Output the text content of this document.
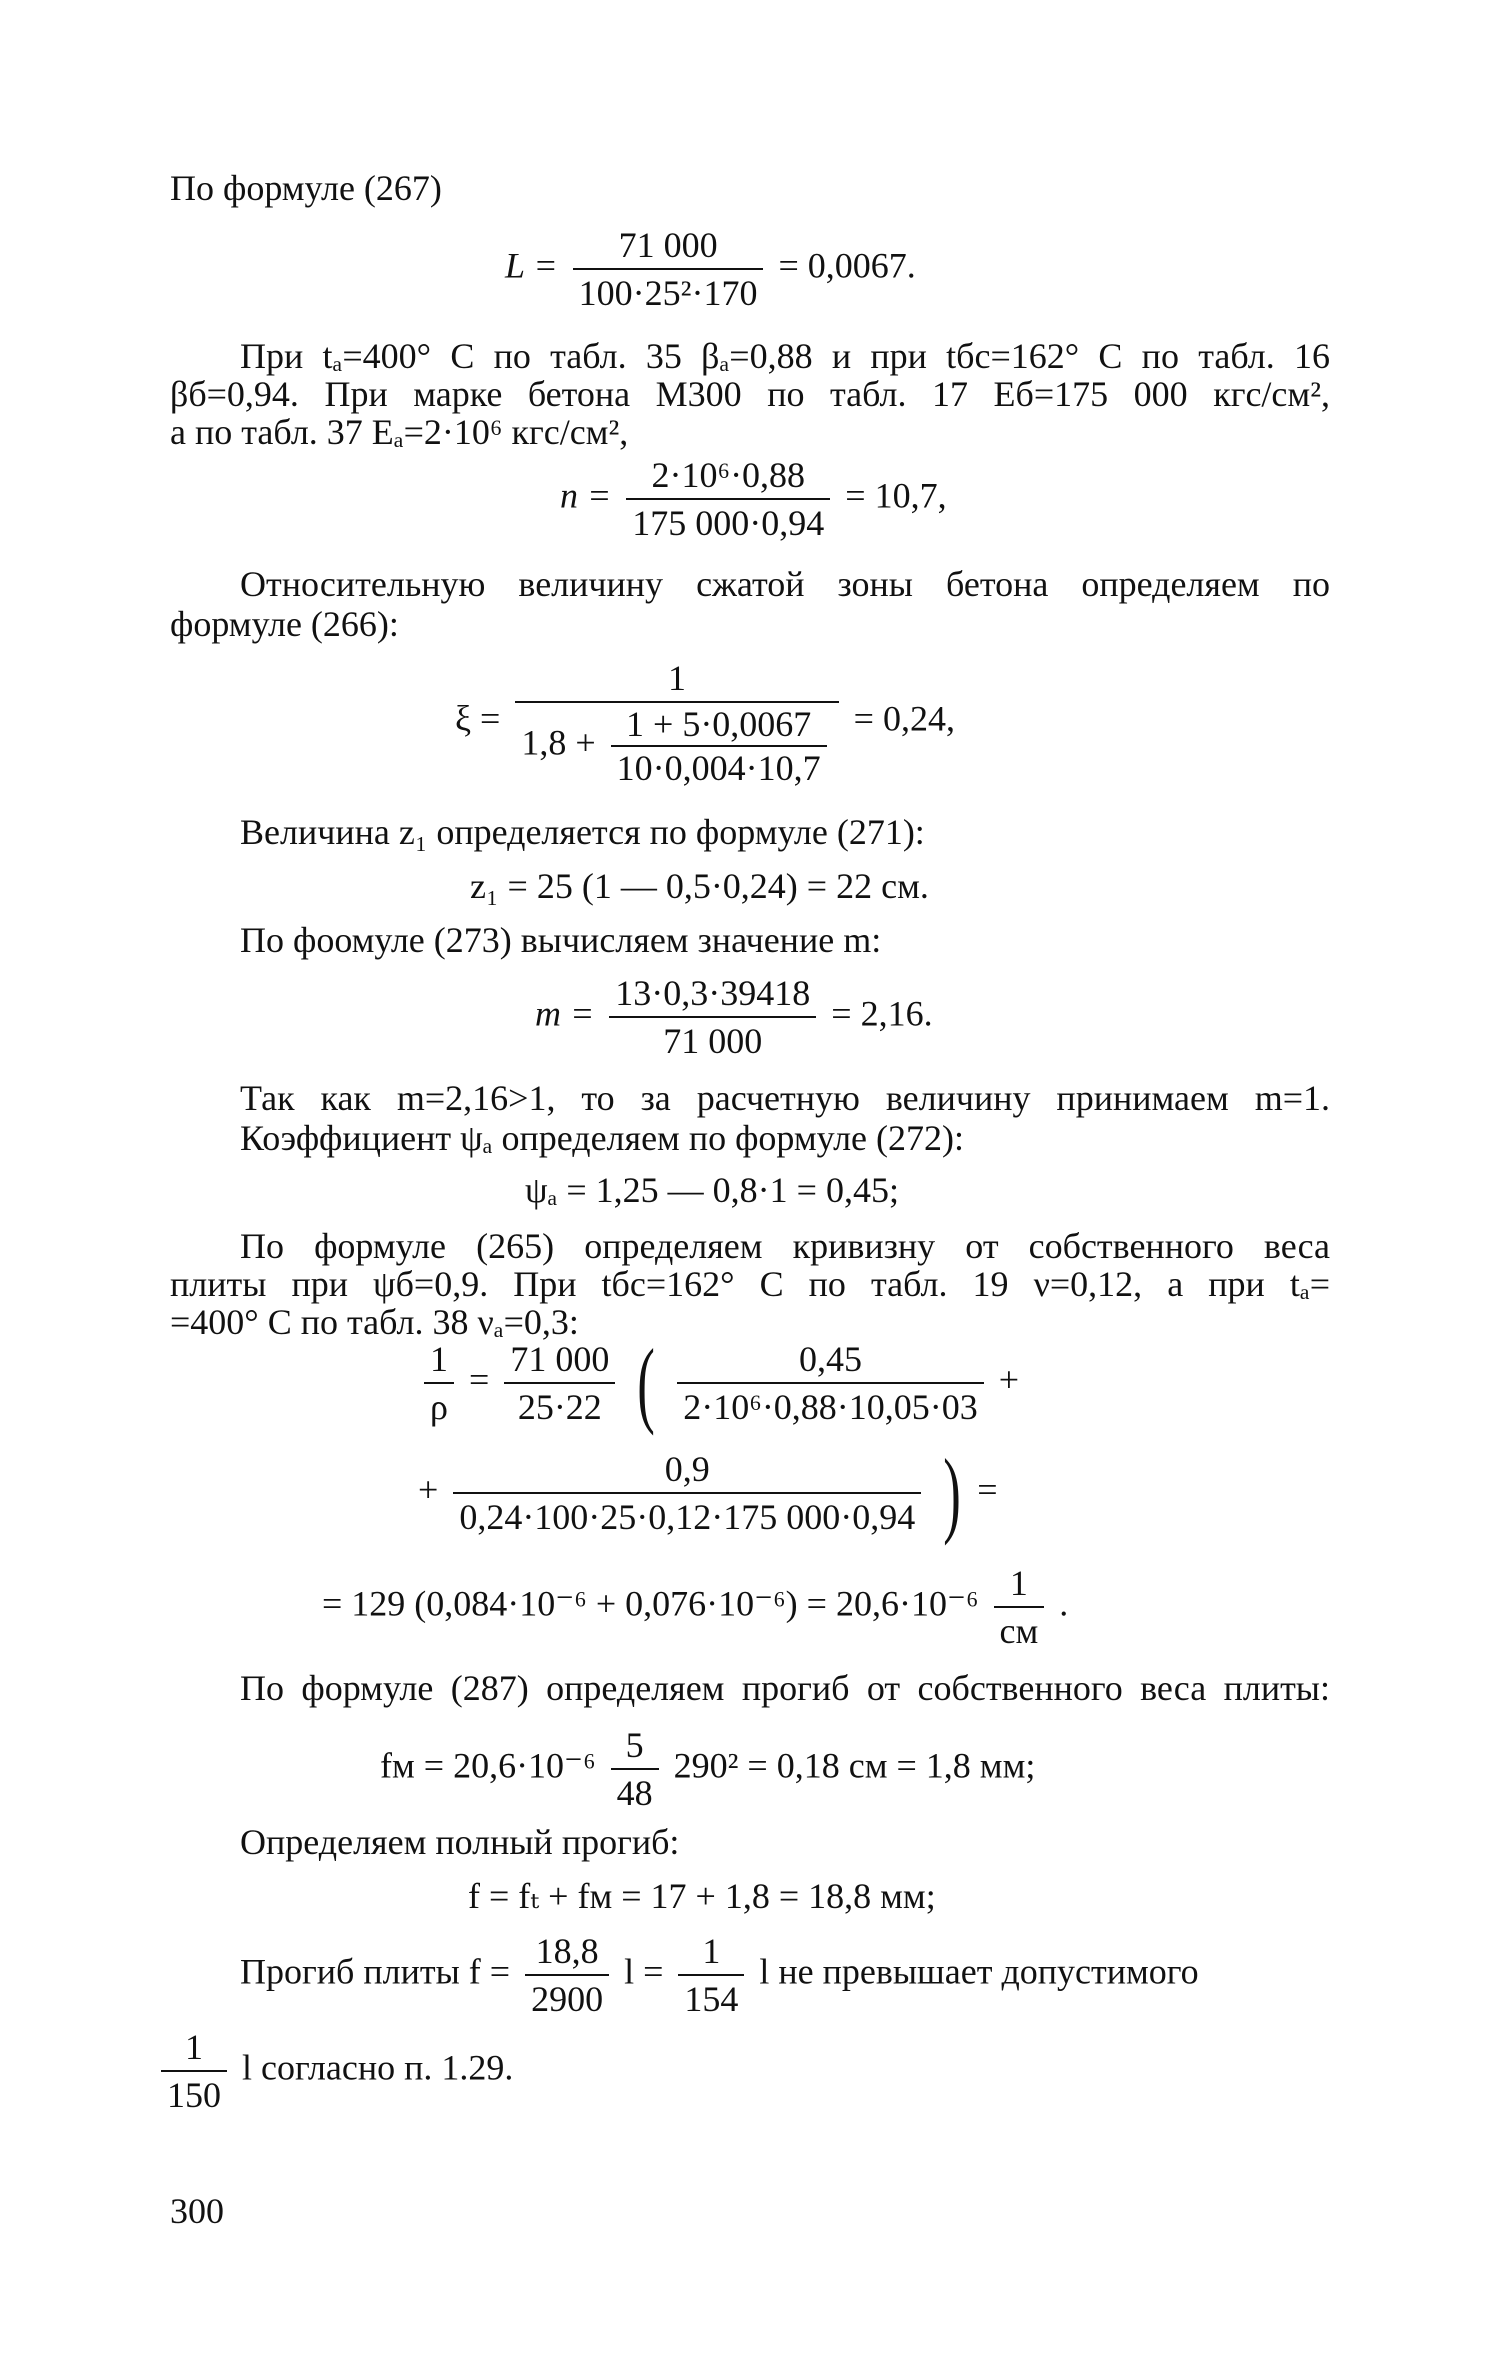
По формуле (267)
$L = \frac{71 000}{\text{100·25²·170}} = 0,0067$.
При tₐ=400° С по табл. 35 βₐ=0,88 и при tбc=162° С по табл. 16
βб=0,94. При марке бетона М300 по табл. 17 Eб=175 000 кгс/см²,
а по табл. 37 Eₐ=2·10⁶ кгс/см²,
$n = \frac{\text{2·10⁶·0,88}}{175 000\cdot 0,94} = 10,7$,
Относительную величину сжатой зоны бетона определяем по
формуле (266):
ξ =
1
$1,8 + \frac{1 + 5\cdot 0,0067}{10\cdot 0,004\cdot 10,7} = 0,24$,
Величина z₁ определяется по формуле (271):
z₁ = 25 (1 — 0,5·0,24) = 22 см.
По фоомуле (273) вычисляем значение m:
$m = \frac{13\cdot 0,3\cdot 39418}{71 000} = 2,16$.
Так как m=2,16>1, то за расчетную величину принимаем m=1.
Коэффициент ψₐ определяем по формуле (272):
ψₐ = 1,25 — 0,8·1 = 0,45;
По формуле (265) определяем кривизну от собственного веса
плиты при ψб=0,9. При tбc=162° С по табл. 19 ν=0,12, а при tₐ=
=400° С по табл. 38 νₐ=0,3:
$\frac{1}{\rho} = \frac{71 000}{25\cdot 22}$ ( $\frac{0,45}{\text{2·10⁶·0,88·10,05·03}}$ +
+ $\frac{0,9}{0,24\cdot 100\cdot 25\cdot 0,12\cdot 175 000\cdot 0,94}$ ) =
= 129 $(0,084\cdot 10^{-6} + 0,076\cdot 10^{-6}) = 20,6\cdot 10^{-6} \frac{1}{см}$ .
По формуле (287) определяем прогиб от собственного веса плиты:
fм = $20,6\cdot 10^{-6} \frac{5}{48} 290^2 = 0,18$ см = 1,8 мм;
Определяем полный прогиб:
f = fₜ + fм = 17 + 1,8 = 18,8 мм;
Прогиб плиты $f = \frac{18,8}{2900}$ $l = \frac{1}{154}$ l не превышает допустимого
$\frac{1}{150}$ l согласно п. 1.29.
300
